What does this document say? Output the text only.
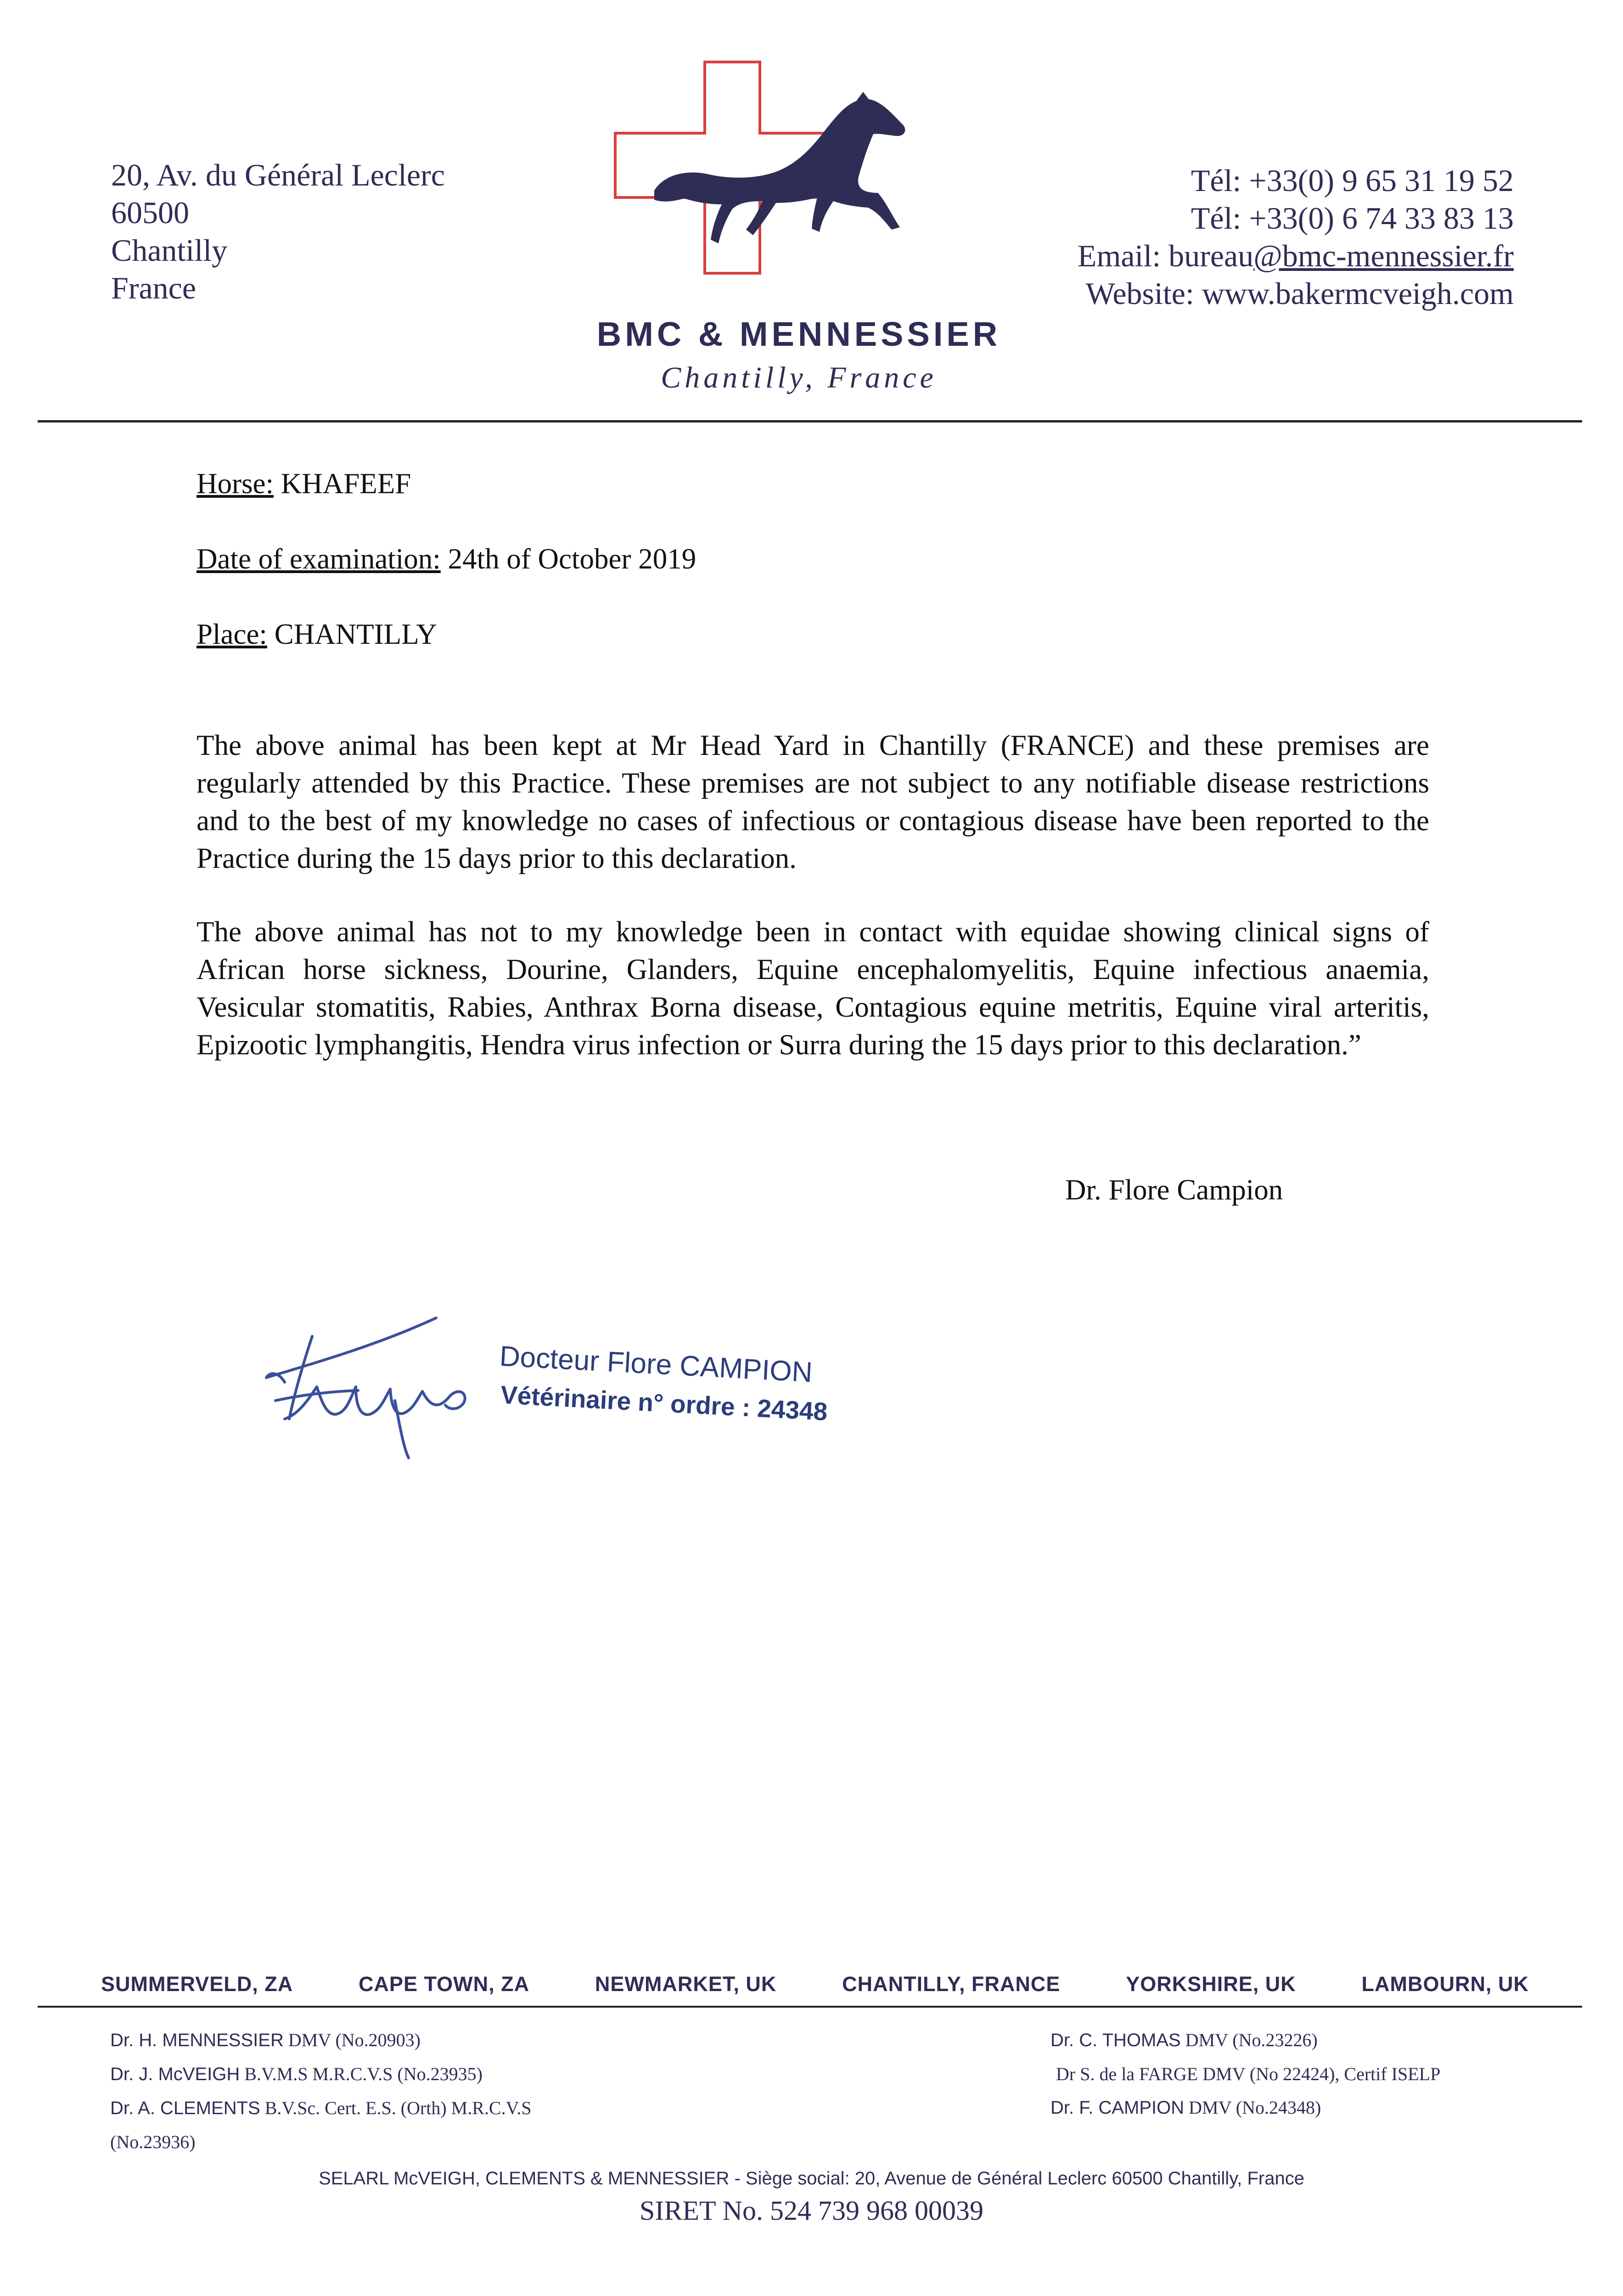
20, Av. du Général Leclerc
60500
Chantilly
France
BMC & MENNESSIER
Chantilly, France
Tél: +33(0) 9 65 31 19 52
Tél: +33(0) 6 74 33 83 13
Email: bureau@bmc-mennessier.fr
Website: www.bakermcveigh.com
Horse: KHAFEEF
Date of examination: 24th of October 2019
Place: CHANTILLY
The above animal has been kept at Mr Head Yard in Chantilly (FRANCE) and these premises are regularly attended by this Practice. These premises are not subject to any notifiable disease restrictions and to the best of my knowledge no cases of infectious or contagious disease have been reported to the Practice during the 15 days prior to this declaration.
The above animal has not to my knowledge been in contact with equidae showing clinical signs of African horse sickness, Dourine, Glanders, Equine encephalomyelitis, Equine infectious anaemia, Vesicular stomatitis, Rabies, Anthrax Borna disease, Contagious equine metritis, Equine viral arteritis, Epizootic lymphangitis, Hendra virus infection or Surra during the 15 days prior to this declaration.”
Dr. Flore Campion
Docteur Flore CAMPION
Vétérinaire n° ordre : 24348
SUMMERVELD, ZA	CAPE TOWN, ZA	NEWMARKET, UK	CHANTILLY, FRANCE	YORKSHIRE, UK	LAMBOURN, UK
Dr. H. MENNESSIER DMV (No.20903)
Dr. J. McVEIGH B.V.M.S M.R.C.V.S (No.23935)
Dr. A. CLEMENTS B.V.Sc. Cert. E.S. (Orth) M.R.C.V.S
(No.23936)
Dr. C. THOMAS DMV (No.23226)
Dr S. de la FARGE DMV (No 22424), Certif ISELP
Dr. F. CAMPION DMV (No.24348)
SELARL McVEIGH, CLEMENTS & MENNESSIER - Siège social: 20, Avenue de Général Leclerc 60500 Chantilly, France
SIRET No. 524 739 968 00039
